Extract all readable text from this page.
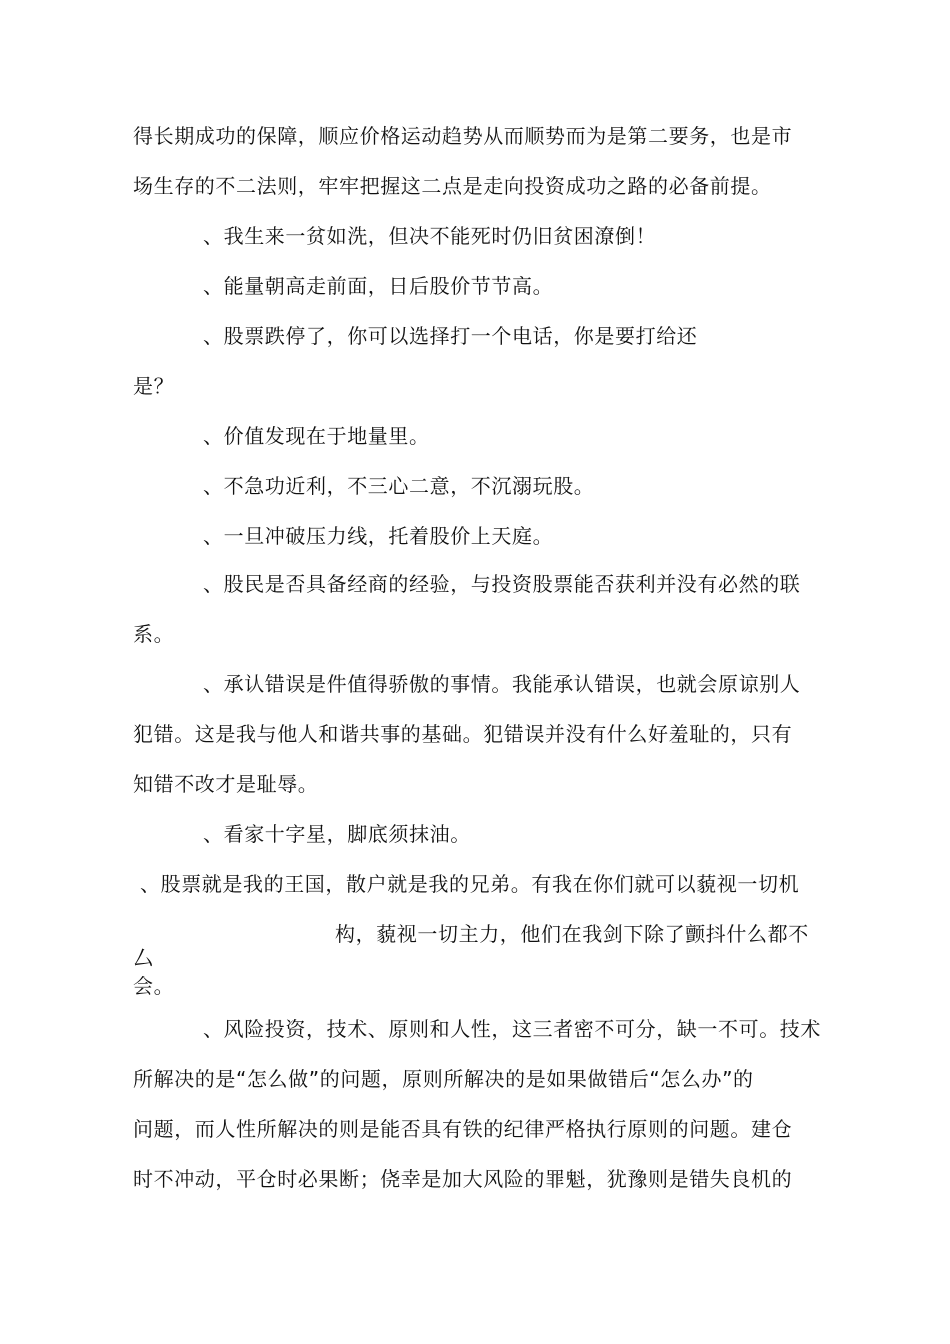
得长期成功的保障，顺应价格运动趋势从而顺势而为是第二要务，也是市
场生存的不二法则，牢牢把握这二点是走向投资成功之路的必备前提。
、我生来一贫如洗，但决不能死时仍旧贫困潦倒！
、能量朝高走前面，日后股价节节高。
、股票跌停了，你可以选择打一个电话，你是要打给还
是？
、价值发现在于地量里。
、不急功近利，不三心二意，不沉溺玩股。
、一旦冲破压力线，托着股价上天庭。
、股民是否具备经商的经验，与投资股票能否获利并没有必然的联
系。
、承认错误是件值得骄傲的事情。我能承认错误，也就会原谅别人
犯错。这是我与他人和谐共事的基础。犯错误并没有什么好羞耻的，只有
知错不改才是耻辱。
、看家十字星，脚底须抹油。
、股票就是我的王国，散户就是我的兄弟。有我在你们就可以藐视一切机
构，藐视一切主力，他们在我剑下除了颤抖什么都不
厶
会。
、风险投资，技术、原则和人性，这三者密不可分，缺一不可。技术
所解决的是“怎么做”的问题，原则所解决的是如果做错后“怎么办”的
问题，而人性所解决的则是能否具有铁的纪律严格执行原则的问题。建仓
时不冲动，平仓时必果断；侥幸是加大风险的罪魁，犹豫则是错失良机的
